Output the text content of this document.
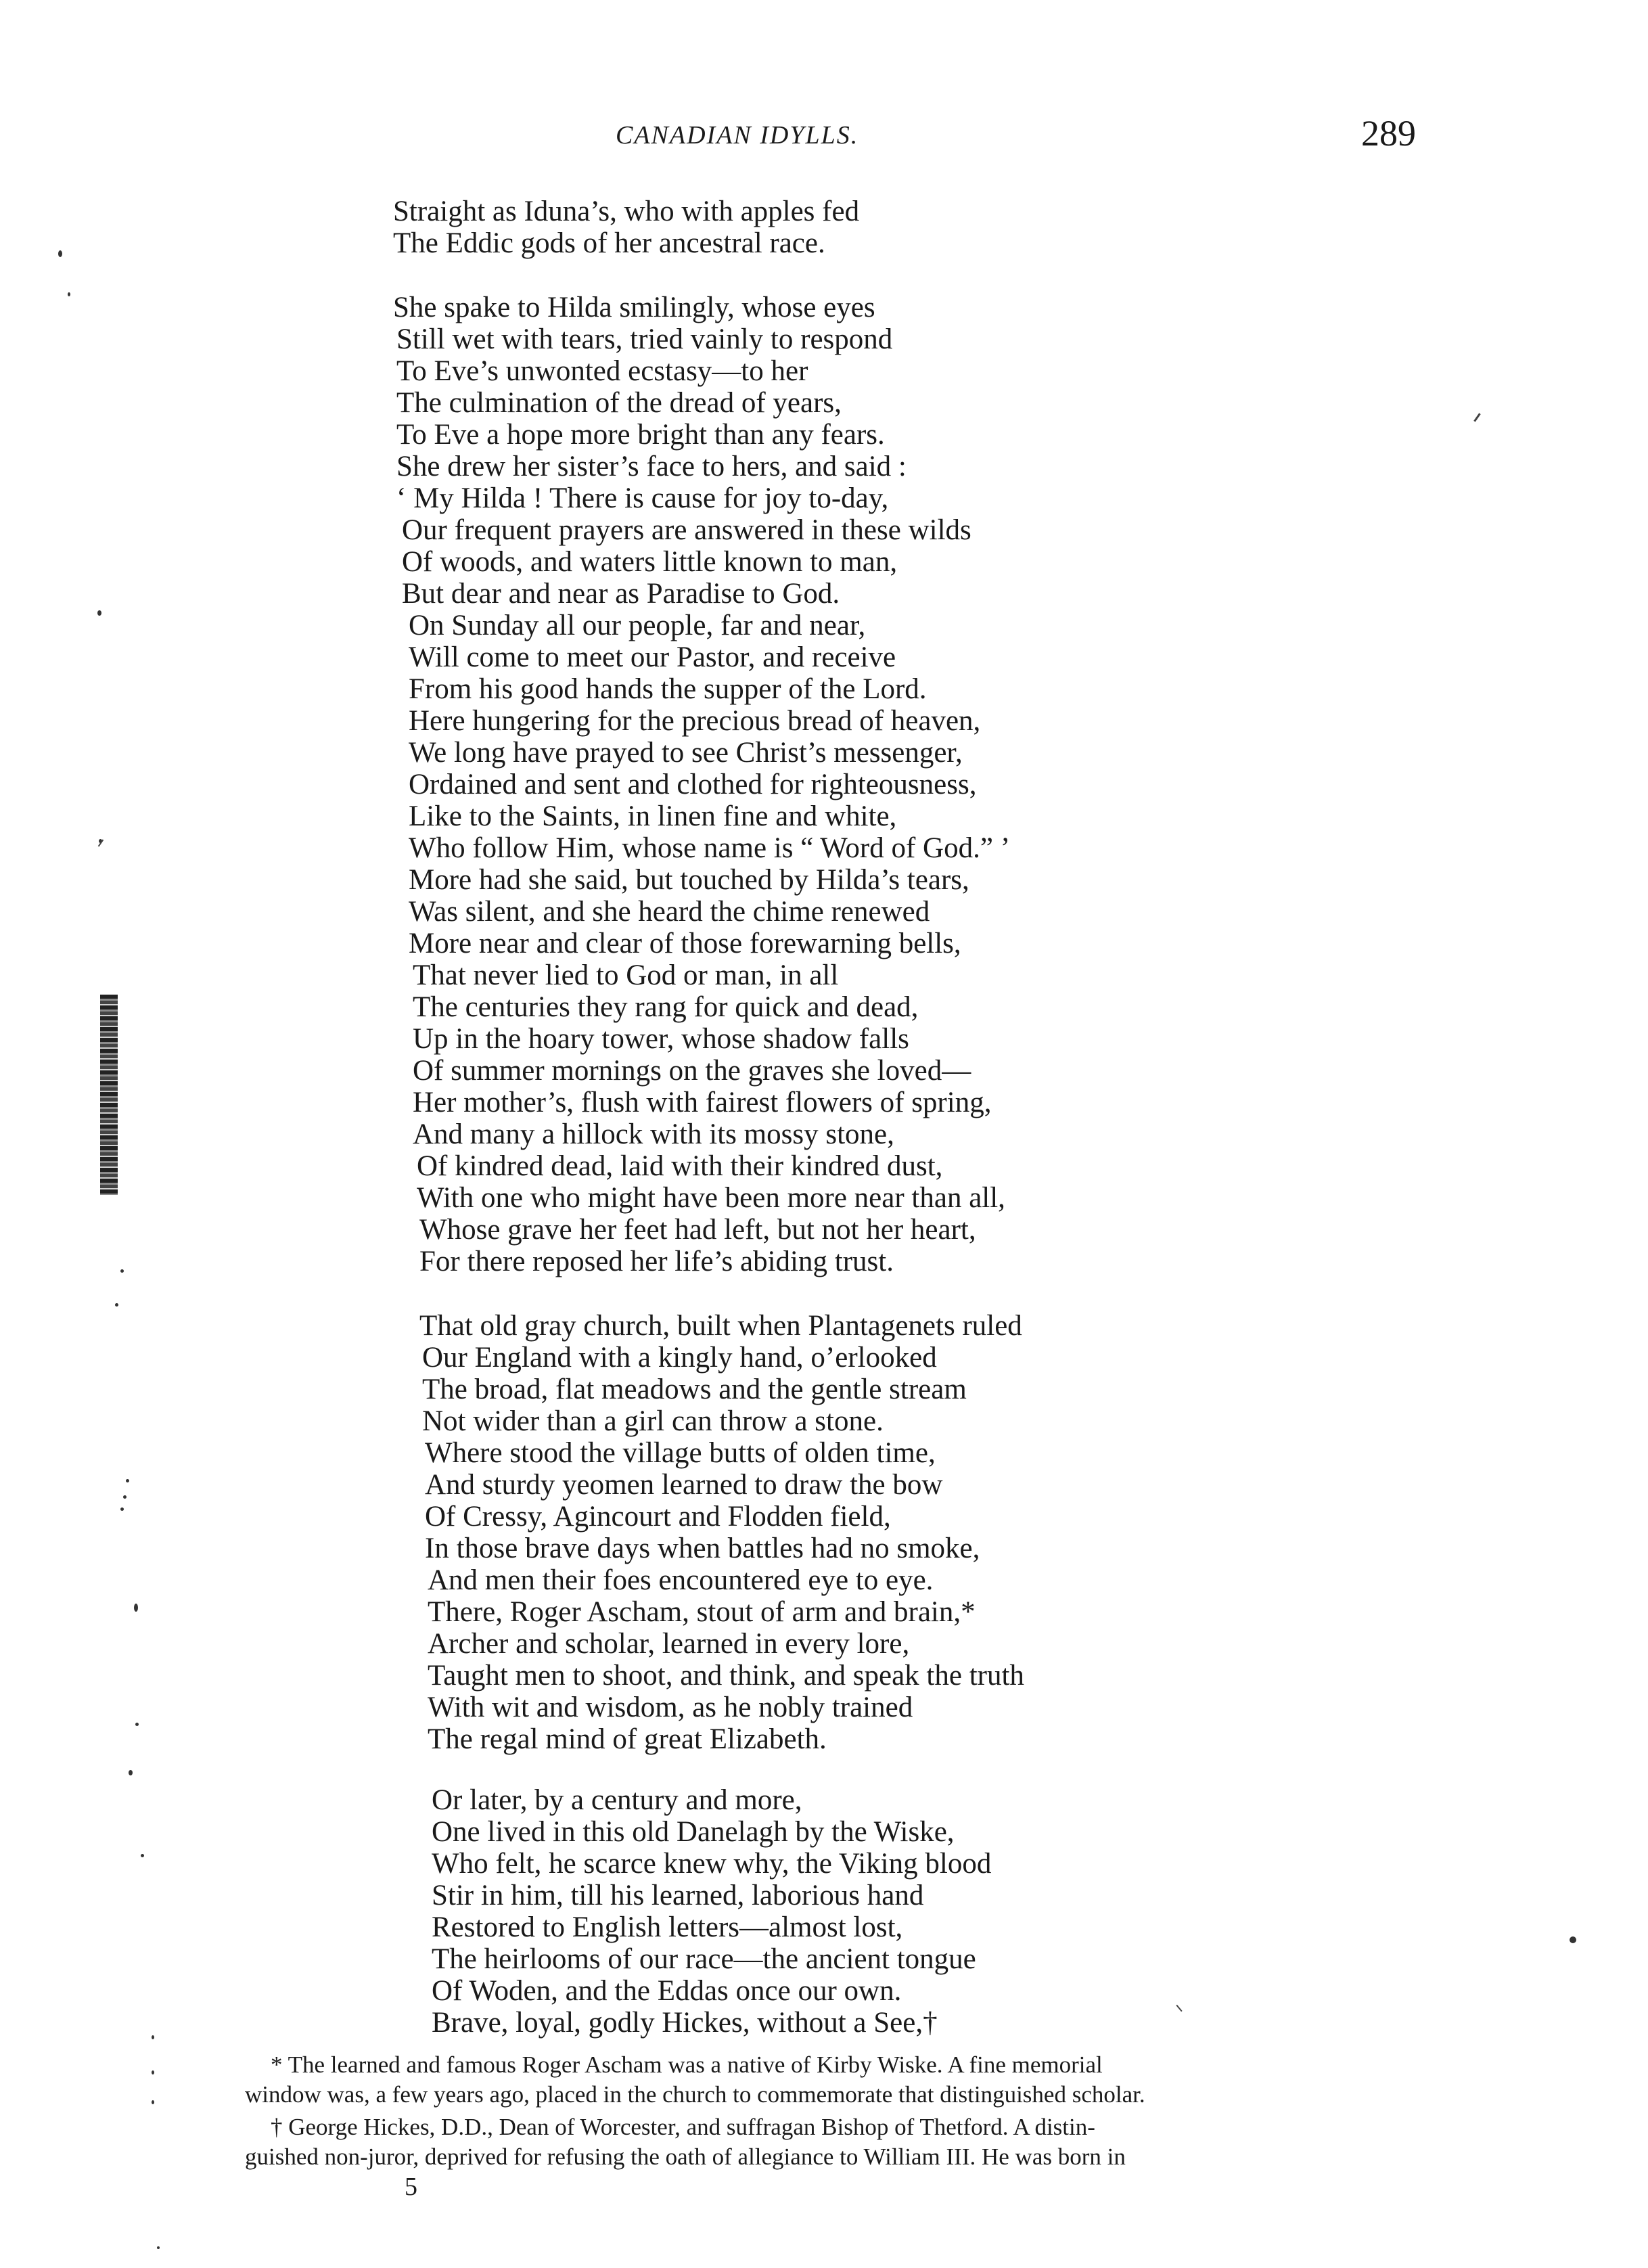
CANADIAN IDYLLS.	289
Straight as Iduna’s, who with apples fed
The Eddic gods of her ancestral race.
She spake to Hilda smilingly, whose eyes
Still wet with tears, tried vainly to respond
To Eve’s unwonted ecstasy—to her
The culmination of the dread of years,
To Eve a hope more bright than any fears.
She drew her sister’s face to hers, and said :
‘ My Hilda ! There is cause for joy to-day,
Our frequent prayers are answered in these wilds
Of woods, and waters little known to man,
But dear and near as Paradise to God.
On Sunday all our people, far and near,
Will come to meet our Pastor, and receive
From his good hands the supper of the Lord.
Here hungering for the precious bread of heaven,
We long have prayed to see Christ’s messenger,
Ordained and sent and clothed for righteousness,
Like to the Saints, in linen fine and white,
Who follow Him, whose name is “ Word of God.” ’
More had she said, but touched by Hilda’s tears,
Was silent, and she heard the chime renewed
More near and clear of those forewarning bells,
That never lied to God or man, in all
The centuries they rang for quick and dead,
Up in the hoary tower, whose shadow falls
Of summer mornings on the graves she loved—
Her mother’s, flush with fairest flowers of spring,
And many a hillock with its mossy stone,
Of kindred dead, laid with their kindred dust,
With one who might have been more near than all,
Whose grave her feet had left, but not her heart,
For there reposed her life’s abiding trust.
That old gray church, built when Plantagenets ruled
Our England with a kingly hand, o’erlooked
The broad, flat meadows and the gentle stream
Not wider than a girl can throw a stone.
Where stood the village butts of olden time,
And sturdy yeomen learned to draw the bow
Of Cressy, Agincourt and Flodden field,
In those brave days when battles had no smoke,
And men their foes encountered eye to eye.
There, Roger Ascham, stout of arm and brain,*
Archer and scholar, learned in every lore,
Taught men to shoot, and think, and speak the truth
With wit and wisdom, as he nobly trained
The regal mind of great Elizabeth.
Or later, by a century and more,
One lived in this old Danelagh by the Wiske,
Who felt, he scarce knew why, the Viking blood
Stir in him, till his learned, laborious hand
Restored to English letters—almost lost,
The heirlooms of our race—the ancient tongue
Of Woden, and the Eddas once our own.
Brave, loyal, godly Hickes, without a See,†
* The learned and famous Roger Ascham was a native of Kirby Wiske. A fine memorial
window was, a few years ago, placed in the church to commemorate that distinguished scholar.
† George Hickes, D.D., Dean of Worcester, and suffragan Bishop of Thetford. A distin-
guished non-juror, deprived for refusing the oath of allegiance to William III. He was born in
5
